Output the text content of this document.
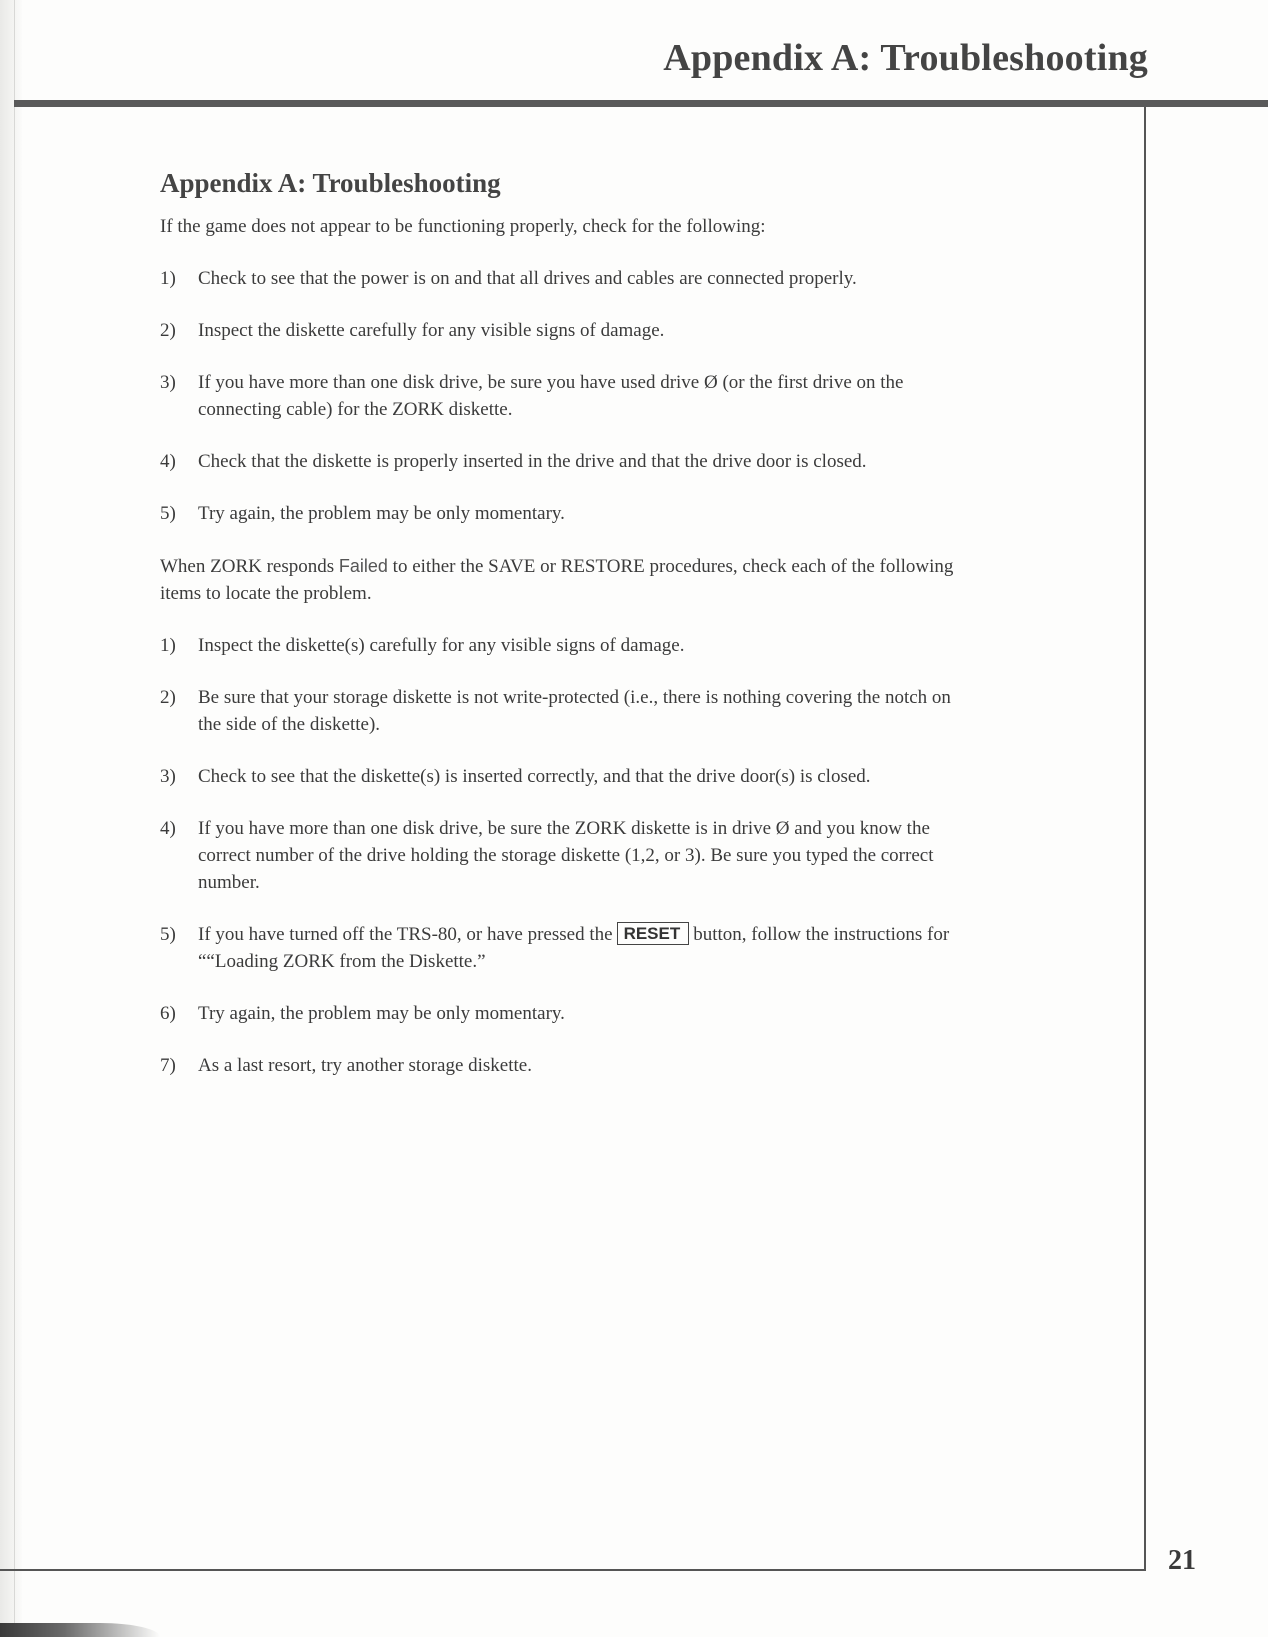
Appendix A: Troubleshooting
21
Appendix A: Troubleshooting

If the game does not appear to be functioning properly, check for the following:

1)	Check to see that the power is on and that all drives and cables are connected properly.
2)	Inspect the diskette carefully for any visible signs of damage.
3)	If you have more than one disk drive, be sure you have used drive Ø (or the first drive on the connecting cable) for the ZORK diskette.
4)	Check that the diskette is properly inserted in the drive and that the drive door is closed.
5)	Try again, the problem may be only momentary.

When ZORK responds Failed to either the SAVE or RESTORE procedures, check each of the following items to locate the problem.

1)	Inspect the diskette(s) carefully for any visible signs of damage.
2)	Be sure that your storage diskette is not write-protected (i.e., there is nothing covering the notch on the side of the diskette).
3)	Check to see that the diskette(s) is inserted correctly, and that the drive door(s) is closed.
4)	If you have more than one disk drive, be sure the ZORK diskette is in drive Ø and you know the correct number of the drive holding the storage diskette (1,2, or 3). Be sure you typed the correct number.
5)	If you have turned off the TRS-80, or have pressed the RESET button, follow the instructions for ““Loading ZORK from the Diskette.”
6)	Try again, the problem may be only momentary.
7)	As a last resort, try another storage diskette.
